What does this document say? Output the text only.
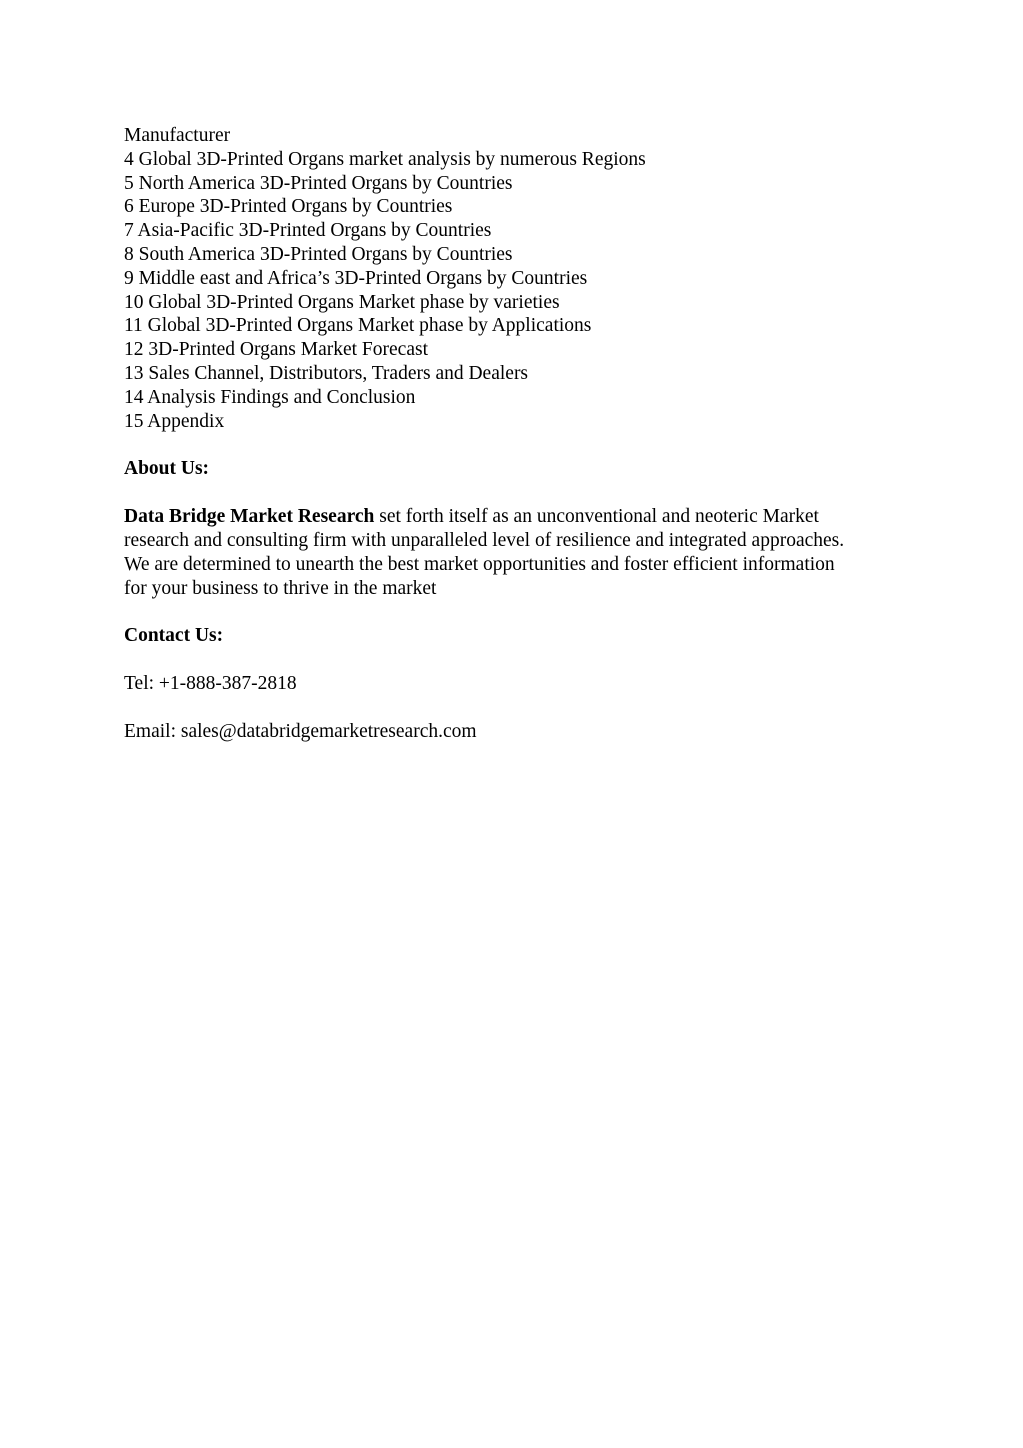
Manufacturer
4 Global 3D-Printed Organs market analysis by numerous Regions
5 North America 3D-Printed Organs by Countries
6 Europe 3D-Printed Organs by Countries
7 Asia-Pacific 3D-Printed Organs by Countries
8 South America 3D-Printed Organs by Countries
9 Middle east and Africa’s 3D-Printed Organs by Countries
10 Global 3D-Printed Organs Market phase by varieties
11 Global 3D-Printed Organs Market phase by Applications
12 3D-Printed Organs Market Forecast
13 Sales Channel, Distributors, Traders and Dealers
14 Analysis Findings and Conclusion
15 Appendix
About Us:
Data Bridge Market Research set forth itself as an unconventional and neoteric Market
research and consulting firm with unparalleled level of resilience and integrated approaches.
We are determined to unearth the best market opportunities and foster efficient information
for your business to thrive in the market
Contact Us:
Tel: +1-888-387-2818
Email: sales@databridgemarketresearch.com
